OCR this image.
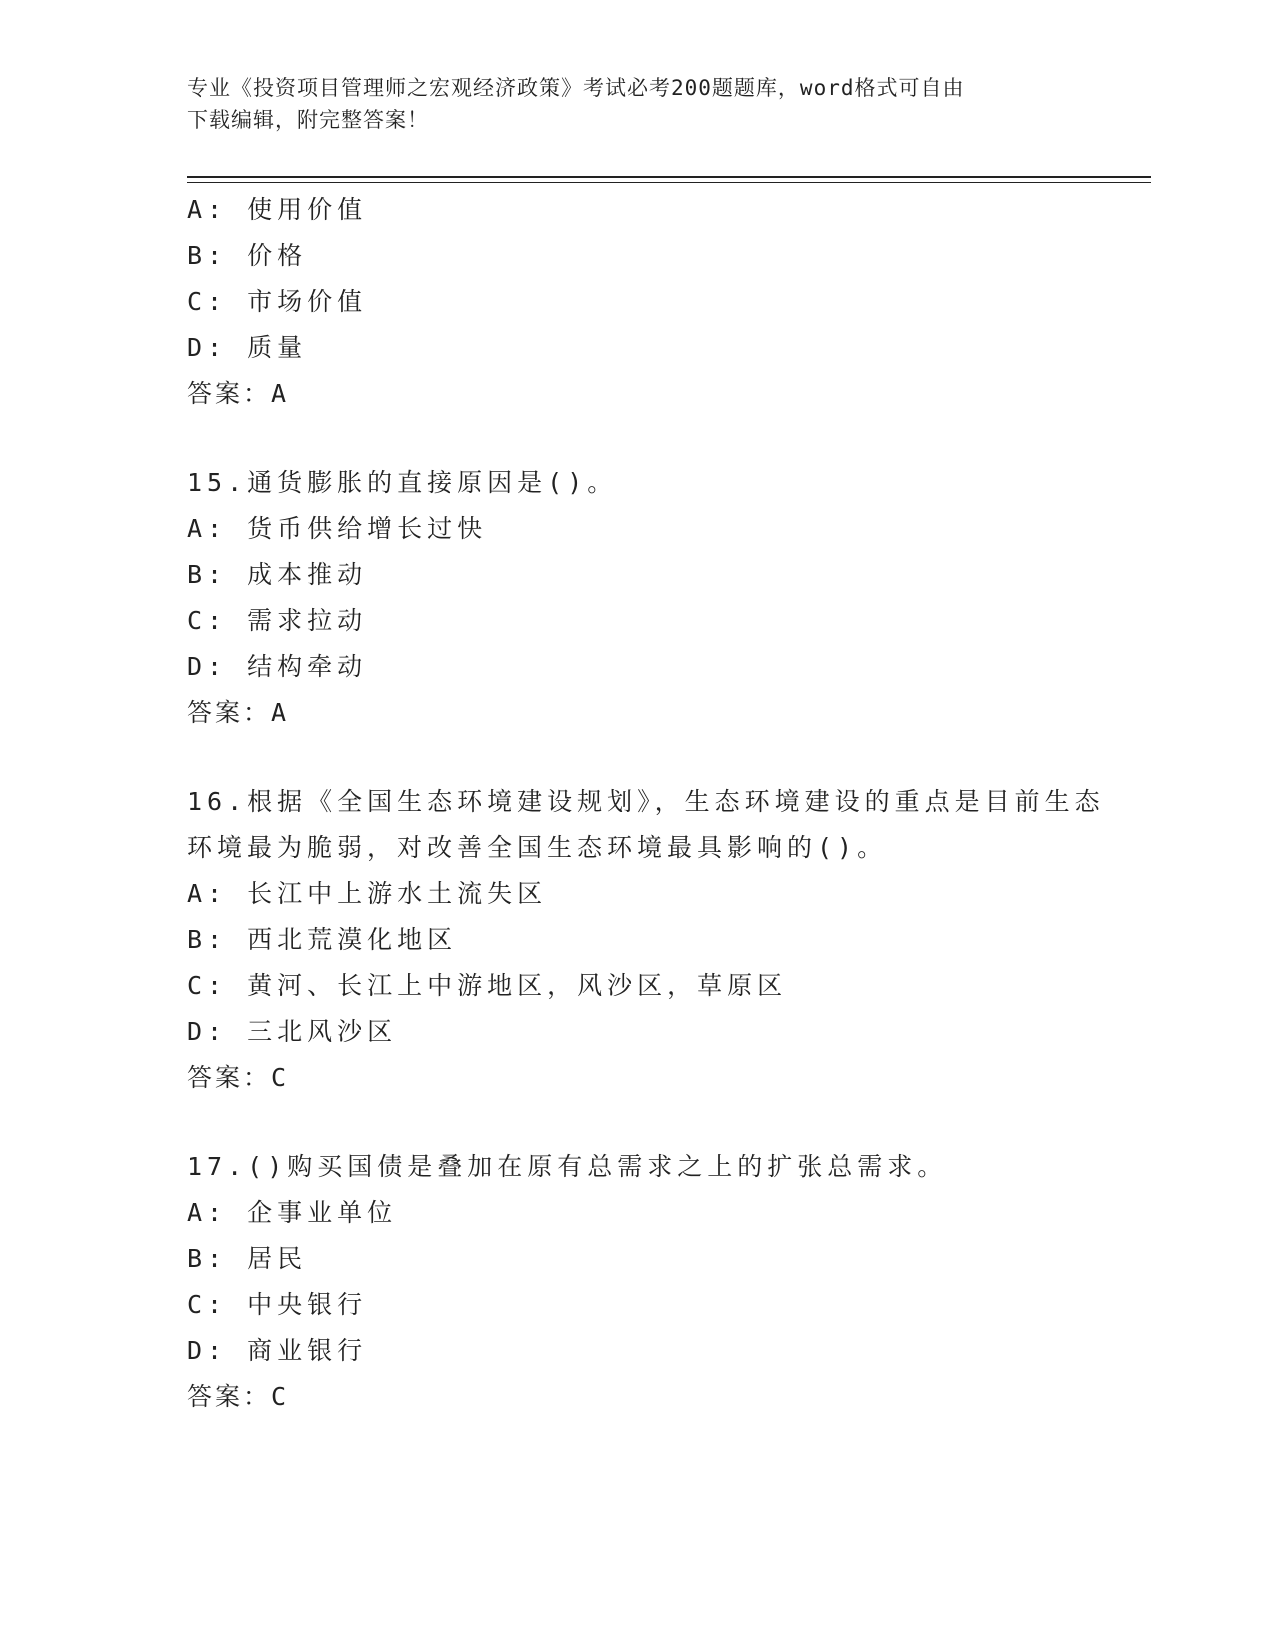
专业《投资项目管理师之宏观经济政策》考试必考200题题库，word格式可自由
下载编辑，附完整答案！
A: 使用价值
B: 价格
C: 市场价值
D: 质量
答案：A
15.通货膨胀的直接原因是()。
A: 货币供给增长过快
B: 成本推动
C: 需求拉动
D: 结构牵动
答案：A
16.根据《全国生态环境建设规划》，生态环境建设的重点是目前生态
环境最为脆弱，对改善全国生态环境最具影响的()。
A: 长江中上游水土流失区
B: 西北荒漠化地区
C: 黄河、长江上中游地区，风沙区，草原区
D: 三北风沙区
答案：C
17.()购买国债是叠加在原有总需求之上的扩张总需求。
A: 企事业单位
B: 居民
C: 中央银行
D: 商业银行
答案：C
